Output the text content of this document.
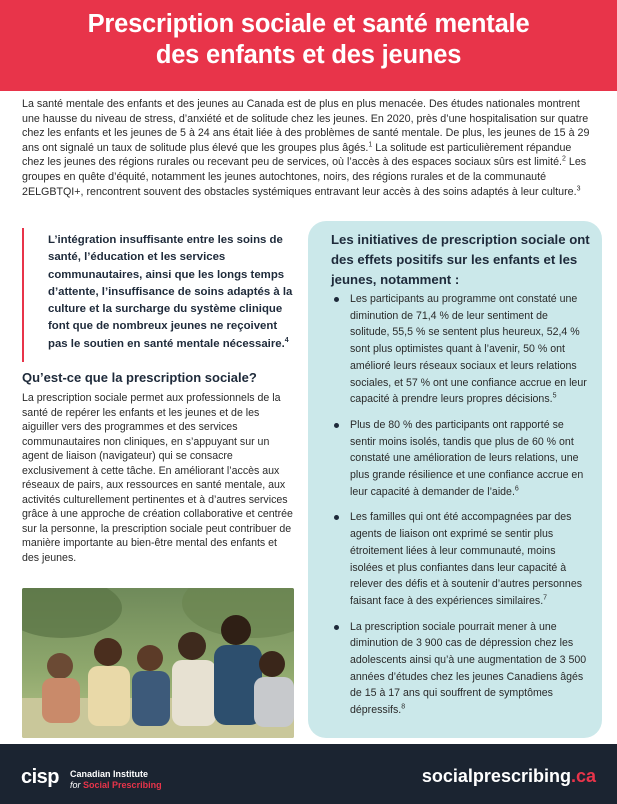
Prescription sociale et santé mentale
des enfants et des jeunes
La santé mentale des enfants et des jeunes au Canada est de plus en plus menacée. Des études nationales montrent une hausse du niveau de stress, d’anxiété et de solitude chez les jeunes. En 2020, près d’une hospitalisation sur quatre chez les enfants et les jeunes de 5 à 24 ans était liée à des problèmes de santé mentale. De plus, les jeunes de 15 à 29 ans ont signalé un taux de solitude plus élevé que les groupes plus âgés.$^1$ La solitude est particulièrement répandue chez les jeunes des régions rurales ou recevant peu de services, où l’accès à des espaces sociaux sûrs est limité.$^2$ Les groupes en quête d’équité, notamment les jeunes autochtones, noirs, des régions rurales et de la communauté 2ELGBTQI+, rencontrent souvent des obstacles systémiques entravant leur accès à des soins adaptés à leur culture.$^3$

L’intégration insuffisante entre les soins de santé, l’éducation et les services communautaires, ainsi que les longs temps d’attente, l’insuffisance de soins adaptés à la culture et la surcharge du système clinique font que de nombreux jeunes ne reçoivent pas le soutien en santé mentale nécessaire.$^4$

Qu’est-ce que la prescription sociale?
La prescription sociale permet aux professionnels de la santé de repérer les enfants et les jeunes et de les aiguiller vers des programmes et des services communautaires non cliniques, en s’appuyant sur un agent de liaison (navigateur) qui se consacre exclusivement à cette tâche. En améliorant l’accès aux réseaux de pairs, aux ressources en santé mentale, aux activités culturellement pertinentes et à d’autres services grâce à une approche de création collaborative et centrée sur la personne, la prescription sociale peut contribuer de manière importante au bien-être mental des enfants et des jeunes.
Les initiatives de prescription sociale ont des effets positifs sur les enfants et les jeunes, notamment :
Les participants au programme ont constaté une diminution de 71,4 % de leur sentiment de solitude, 55,5 % se sentent plus heureux, 52,4 % sont plus optimistes quant à l’avenir, 50 % ont amélioré leurs réseaux sociaux et leurs relations sociales, et 57 % ont une confiance accrue en leur capacité à prendre leurs propres décisions.$^5$
Plus de 80 % des participants ont rapporté se sentir moins isolés, tandis que plus de 60 % ont constaté une amélioration de leurs relations, une plus grande résilience et une confiance accrue en leur capacité à demander de l’aide.$^6$
Les familles qui ont été accompagnées par des agents de liaison ont exprimé se sentir plus étroitement liées à leur communauté, moins isolées et plus confiantes dans leur capacité à relever des défis et à soutenir d’autres personnes faisant face à des expériences similaires.$^7$
La prescription sociale pourrait mener à une diminution de 3 900 cas de dépression chez les adolescents ainsi qu’à une augmentation de 3 500 années d’études chez les jeunes Canadiens âgés de 15 à 17 ans qui souffrent de symptômes dépressifs.$^8$
cisp Canadian Institute
for Social Prescribing	socialprescribing.ca
